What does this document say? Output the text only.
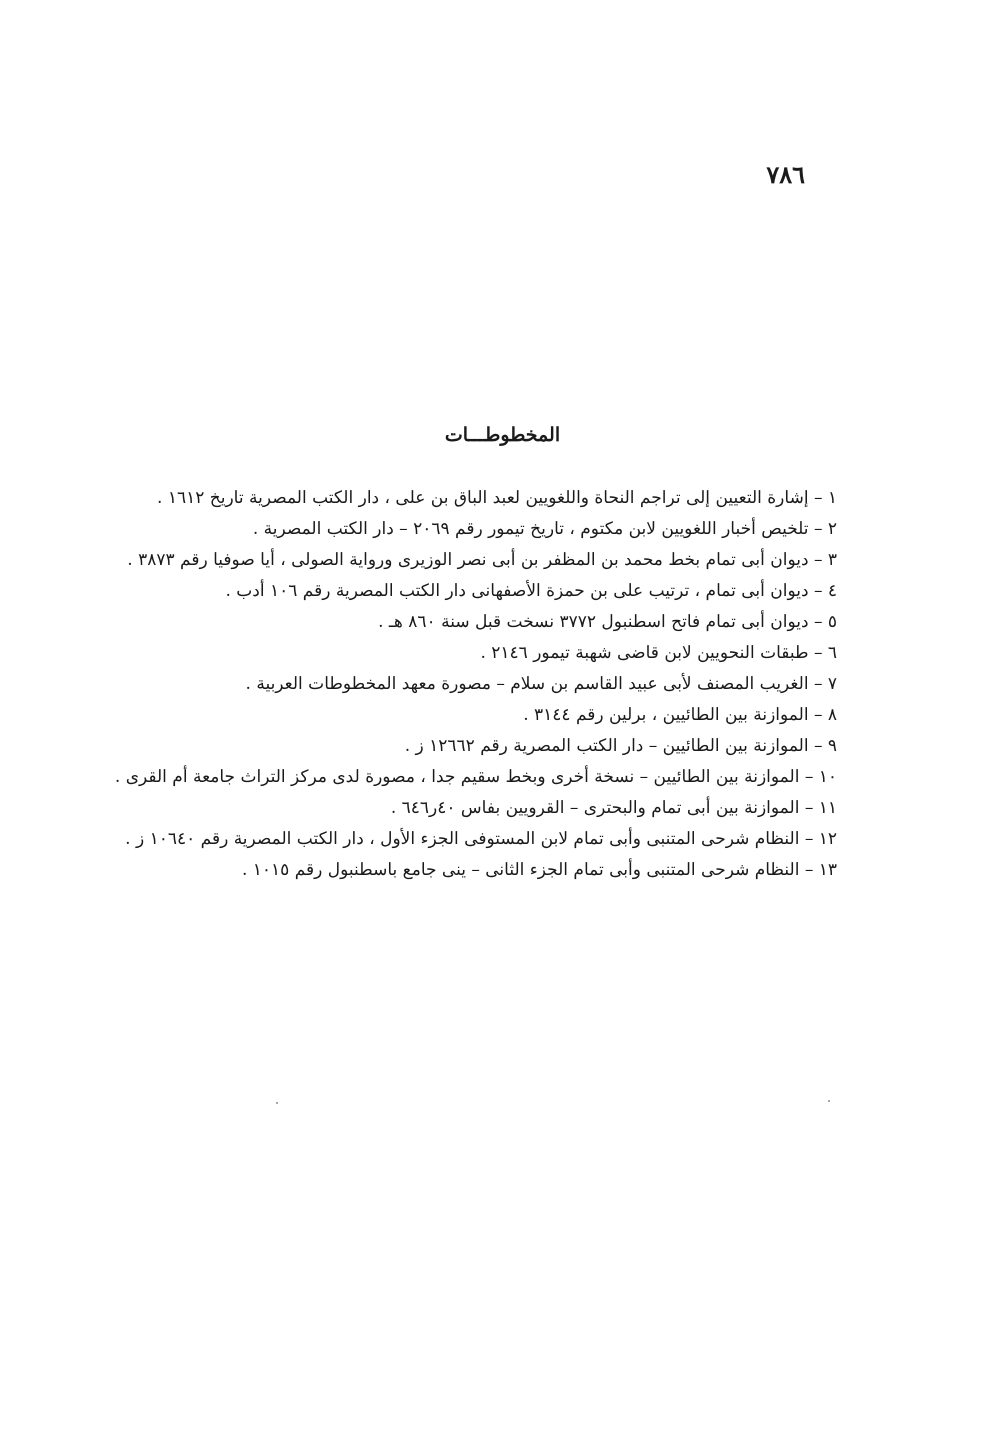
٧٨٦
المخطوطـــات
١ – إشارة التعيين إلى تراجم النحاة واللغويين لعبد الباق بن على ، دار الكتب المصرية تاريخ ١٦١٢ .
٢ – تلخيص أخبار اللغويين لابن مكتوم ، تاريخ تيمور رقم ٢٠٦٩ – دار الكتب المصرية .
٣ – ديوان أبى تمام بخط محمد بن المظفر بن أبى نصر الوزيرى ورواية الصولى ، أيا صوفيا رقم ٣٨٧٣ .
٤ – ديوان أبى تمام ، ترتيب على بن حمزة الأصفهانى دار الكتب المصرية رقم ١٠٦ أدب .
٥ – ديوان أبى تمام فاتح اسطنبول ٣٧٧٢ نسخت قبل سنة ٨٦٠ هـ .
٦ – طبقات النحويين لابن قاضى شهبة تيمور ٢١٤٦ .
٧ – الغريب المصنف لأبى عبيد القاسم بن سلام – مصورة معهد المخطوطات العربية .
٨ – الموازنة بين الطائيين ، برلين رقم ٣١٤٤ .
٩ – الموازنة بين الطائيين – دار الكتب المصرية رقم ١٢٦٦٢ ز .
١٠ – الموازنة بين الطائيين – نسخة أخرى وبخط سقيم جدا ، مصورة لدى مركز التراث جامعة أم القرى .
١١ – الموازنة بين أبى تمام والبحترى – القرويين بفاس ٤٠ر٦٤٦ .
١٢ – النظام شرحى المتنبى وأبى تمام لابن المستوفى الجزء الأول ، دار الكتب المصرية رقم ١٠٦٤٠ ز .
١٣ – النظام شرحى المتنبى وأبى تمام الجزء الثانى – ينى جامع باسطنبول رقم ١٠١٥ .
